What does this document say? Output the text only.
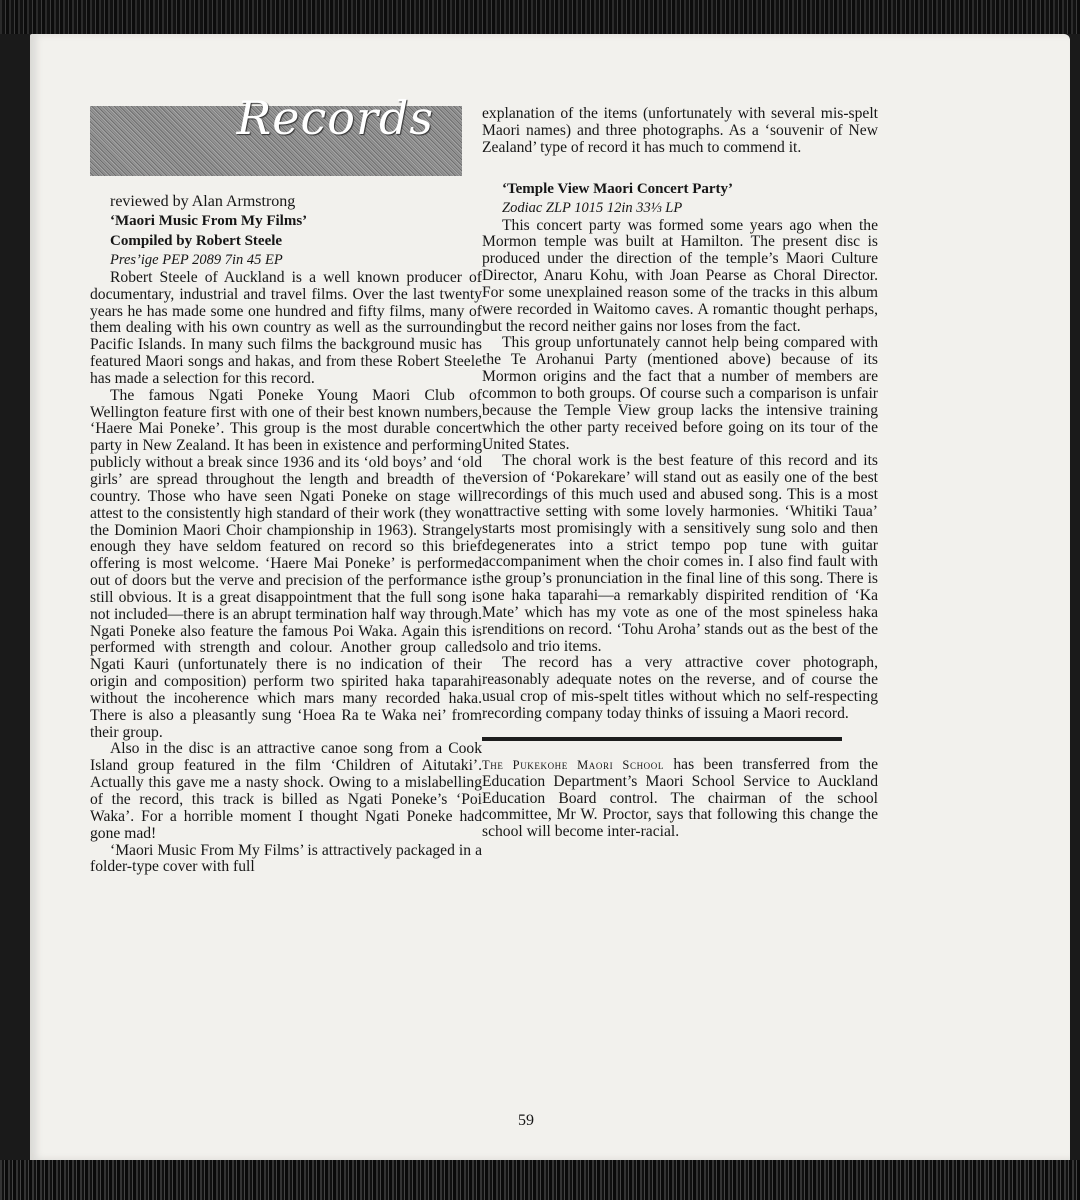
Records

reviewed by Alan Armstrong

‘Maori Music From My Films’

Compiled by Robert Steele

Pres’ige PEP 2089 7in 45 EP

Robert Steele of Auckland is a well known producer of documentary, industrial and travel films. Over the last twenty years he has made some one hundred and fifty films, many of them dealing with his own country as well as the surrounding Pacific Islands. In many such films the background music has featured Maori songs and hakas, and from these Robert Steele has made a selection for this record.

The famous Ngati Poneke Young Maori Club of Wellington feature first with one of their best known numbers, ‘Haere Mai Poneke’. This group is the most durable concert party in New Zealand. It has been in existence and performing publicly without a break since 1936 and its ‘old boys’ and ‘old girls’ are spread throughout the length and breadth of the country. Those who have seen Ngati Poneke on stage will attest to the consistently high standard of their work (they won the Dominion Maori Choir championship in 1963). Strangely enough they have seldom featured on record so this brief offering is most welcome. ‘Haere Mai Poneke’ is performed out of doors but the verve and precision of the performance is still obvious. It is a great disappointment that the full song is not included—there is an abrupt termination half way through. Ngati Poneke also feature the famous Poi Waka. Again this is performed with strength and colour. Another group called Ngati Kauri (unfortunately there is no indication of their origin and composition) perform two spirited haka taparahi without the incoherence which mars many recorded haka. There is also a pleasantly sung ‘Hoea Ra te Waka nei’ from their group.

Also in the disc is an attractive canoe song from a Cook Island group featured in the film ‘Children of Aitutaki’. Actually this gave me a nasty shock. Owing to a mislabelling of the record, this track is billed as Ngati Poneke’s ‘Poi Waka’. For a horrible moment I thought Ngati Poneke had gone mad!

‘Maori Music From My Films’ is attractively packaged in a folder-type cover with full

explanation of the items (unfortunately with several mis-spelt Maori names) and three photographs. As a ‘souvenir of New Zealand’ type of record it has much to commend it.

‘Temple View Maori Concert Party’

Zodiac ZLP 1015 12in 33⅓ LP

This concert party was formed some years ago when the Mormon temple was built at Hamilton. The present disc is produced under the direction of the temple’s Maori Culture Director, Anaru Kohu, with Joan Pearse as Choral Director. For some unexplained reason some of the tracks in this album were recorded in Waitomo caves. A romantic thought perhaps, but the record neither gains nor loses from the fact.

This group unfortunately cannot help being compared with the Te Arohanui Party (mentioned above) because of its Mormon origins and the fact that a number of members are common to both groups. Of course such a comparison is unfair because the Temple View group lacks the intensive training which the other party received before going on its tour of the United States.

The choral work is the best feature of this record and its version of ‘Pokarekare’ will stand out as easily one of the best recordings of this much used and abused song. This is a most attractive setting with some lovely harmonies. ‘Whitiki Taua’ starts most promisingly with a sensitively sung solo and then degenerates into a strict tempo pop tune with guitar accompaniment when the choir comes in. I also find fault with the group’s pronunciation in the final line of this song. There is one haka taparahi—a remarkably dispirited rendition of ‘Ka Mate’ which has my vote as one of the most spineless haka renditions on record. ‘Tohu Aroha’ stands out as the best of the solo and trio items.

The record has a very attractive cover photograph, reasonably adequate notes on the reverse, and of course the usual crop of mis-spelt titles without which no self-respecting recording company today thinks of issuing a Maori record.

The Pukekohe Maori School has been transferred from the Education Department’s Maori School Service to Auckland Education Board control. The chairman of the school committee, Mr W. Proctor, says that following this change the school will become inter-racial.

59
